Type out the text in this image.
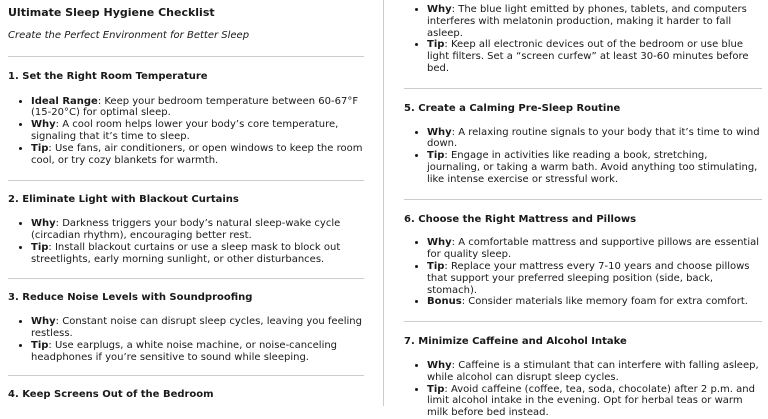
Ultimate Sleep Hygiene Checklist
Create the Perfect Environment for Better Sleep
1. Set the Right Room Temperature
• Ideal Range: Keep your bedroom temperature between 60-67°F (15-20°C) for optimal sleep.
• Why: A cool room helps lower your body’s core temperature, signaling that it’s time to sleep.
• Tip: Use fans, air conditioners, or open windows to keep the room cool, or try cozy blankets for warmth.
2. Eliminate Light with Blackout Curtains
• Why: Darkness triggers your body’s natural sleep-wake cycle (circadian rhythm), encouraging better rest.
• Tip: Install blackout curtains or use a sleep mask to block out streetlights, early morning sunlight, or other disturbances.
3. Reduce Noise Levels with Soundproofing
• Why: Constant noise can disrupt sleep cycles, leaving you feeling restless.
• Tip: Use earplugs, a white noise machine, or noise-canceling headphones if you’re sensitive to sound while sleeping.
4. Keep Screens Out of the Bedroom
• Why: The blue light emitted by phones, tablets, and computers interferes with melatonin production, making it harder to fall asleep.
• Tip: Keep all electronic devices out of the bedroom or use blue light filters. Set a “screen curfew” at least 30-60 minutes before bed.
5. Create a Calming Pre-Sleep Routine
• Why: A relaxing routine signals to your body that it’s time to wind down.
• Tip: Engage in activities like reading a book, stretching, journaling, or taking a warm bath. Avoid anything too stimulating, like intense exercise or stressful work.
6. Choose the Right Mattress and Pillows
• Why: A comfortable mattress and supportive pillows are essential for quality sleep.
• Tip: Replace your mattress every 7-10 years and choose pillows that support your preferred sleeping position (side, back, stomach).
• Bonus: Consider materials like memory foam for extra comfort.
7. Minimize Caffeine and Alcohol Intake
• Why: Caffeine is a stimulant that can interfere with falling asleep, while alcohol can disrupt sleep cycles.
• Tip: Avoid caffeine (coffee, tea, soda, chocolate) after 2 p.m. and limit alcohol intake in the evening. Opt for herbal teas or warm milk before bed instead.
